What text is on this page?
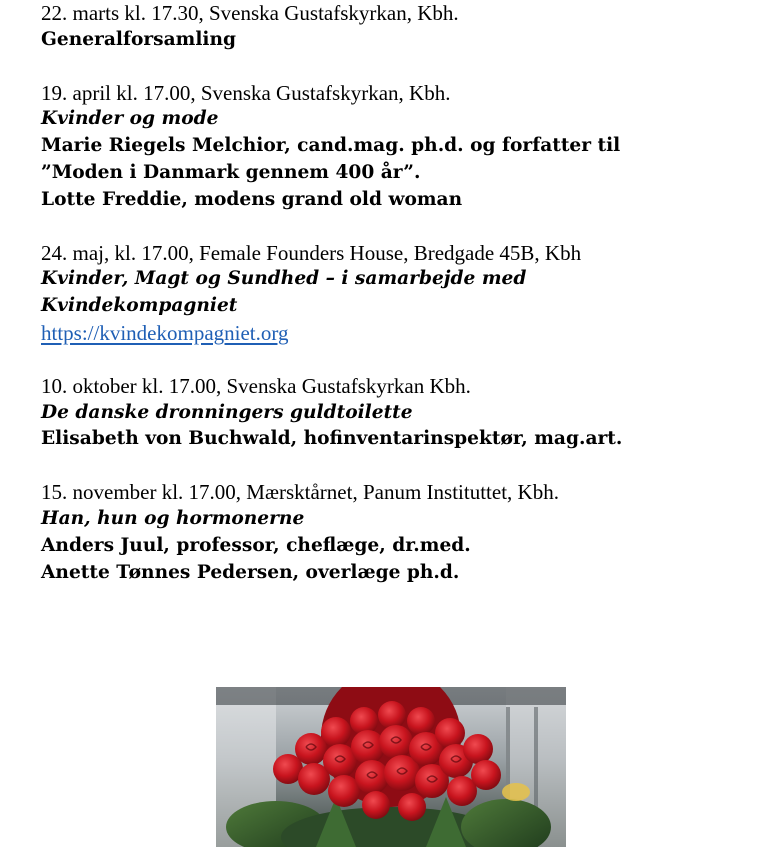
22. marts kl. 17.30, Svenska Gustafskyrkan, Kbh.
Generalforsamling
19. april kl. 17.00, Svenska Gustafskyrkan, Kbh.
Kvinder og mode
Marie Riegels Melchior, cand.mag. ph.d. og forfatter til
”Moden i Danmark gennem 400 år”.
Lotte Freddie, modens grand old woman
24. maj, kl. 17.00, Female Founders House, Bredgade 45B, Kbh
Kvinder, Magt og Sundhed – i samarbejde med
Kvindekompagniet
https://kvindekompagniet.org
10. oktober kl. 17.00, Svenska Gustafskyrkan Kbh.
De danske dronningers guldtoilette
Elisabeth von Buchwald, hofinventarinspektør, mag.art.
15. november kl. 17.00, Mærsktårnet, Panum Instituttet, Kbh.
Han, hun og hormonerne
Anders Juul, professor, cheflæge, dr.med.
Anette Tønnes Pedersen, overlæge ph.d.
